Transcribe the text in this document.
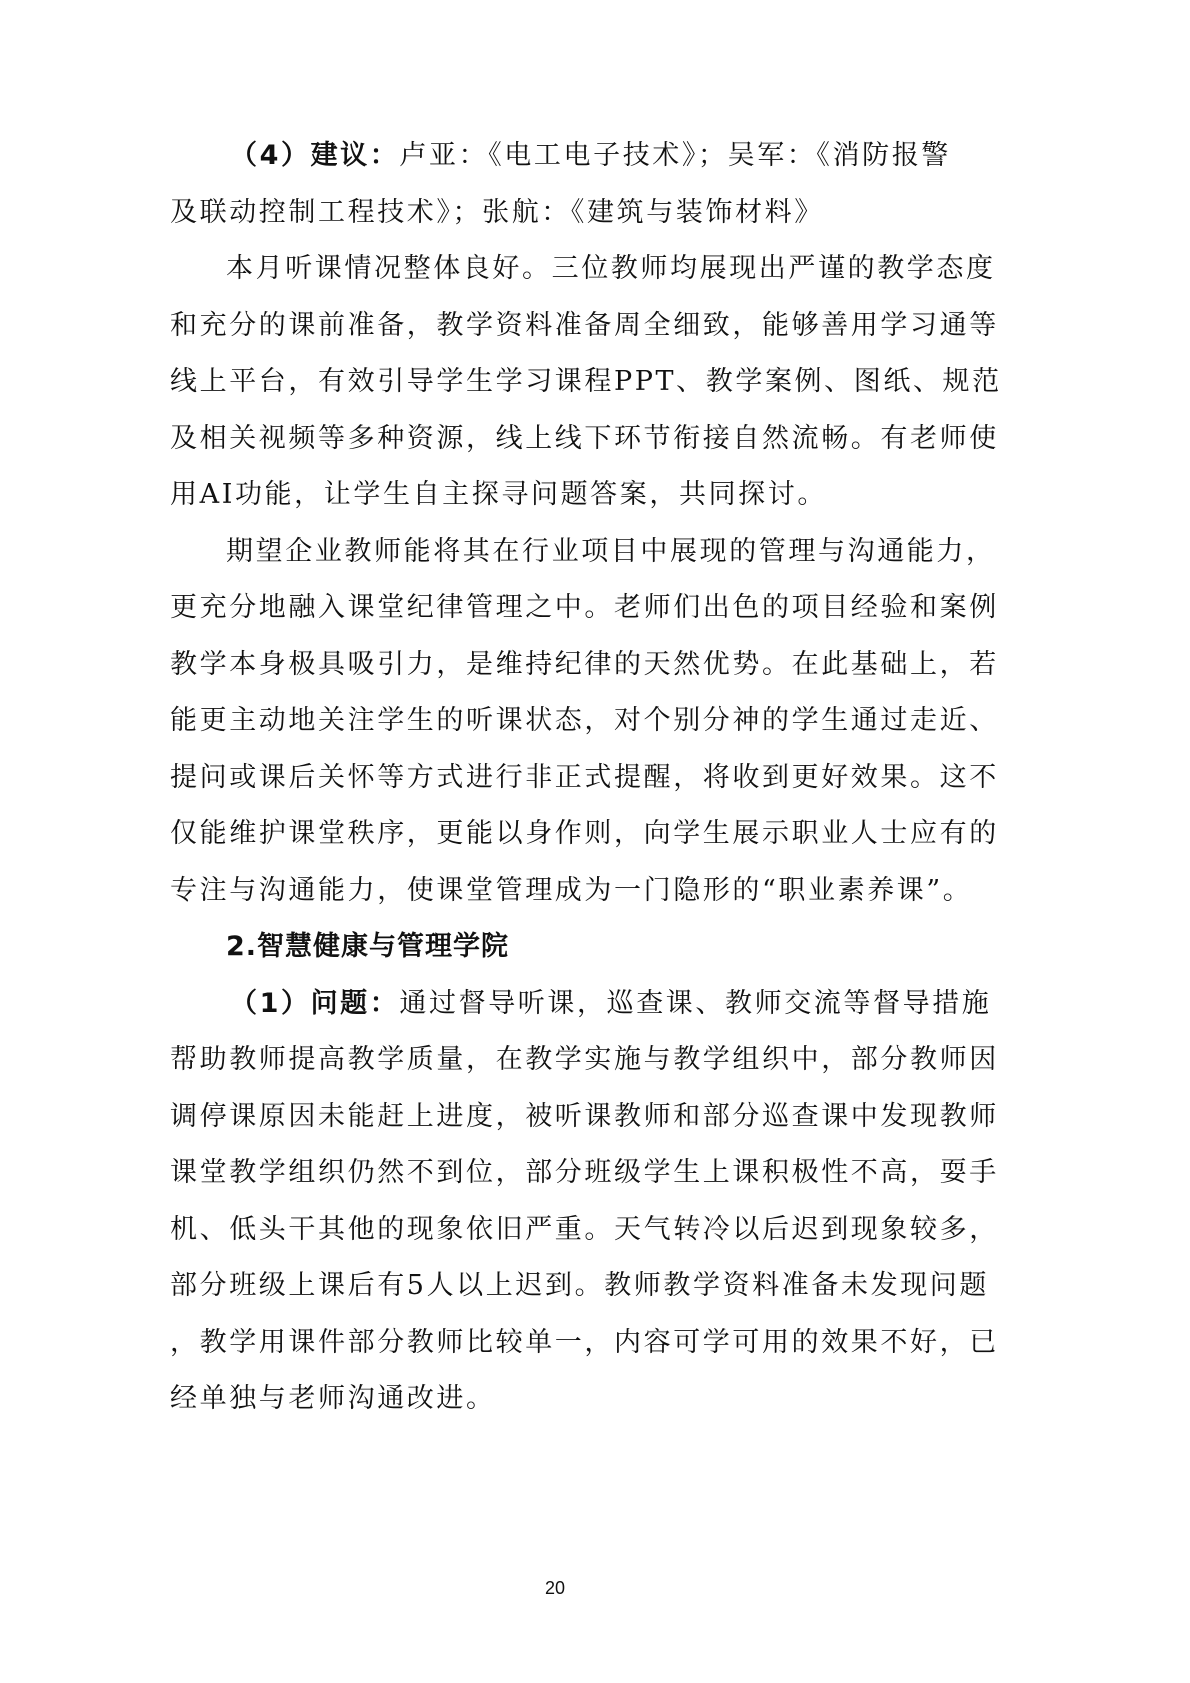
（4）建议：卢亚：《电工电子技术》；吴军：《消防报警
及联动控制工程技术》；张航：《建筑与装饰材料》
本月听课情况整体良好。三位教师均展现出严谨的教学态度
和充分的课前准备，教学资料准备周全细致，能够善用学习通等
线上平台，有效引导学生学习课程PPT、教学案例、图纸、规范
及相关视频等多种资源，线上线下环节衔接自然流畅。有老师使
用AI功能，让学生自主探寻问题答案，共同探讨。
期望企业教师能将其在行业项目中展现的管理与沟通能力，
更充分地融入课堂纪律管理之中。老师们出色的项目经验和案例
教学本身极具吸引力，是维持纪律的天然优势。在此基础上，若
能更主动地关注学生的听课状态，对个别分神的学生通过走近、
提问或课后关怀等方式进行非正式提醒，将收到更好效果。这不
仅能维护课堂秩序，更能以身作则，向学生展示职业人士应有的
专注与沟通能力，使课堂管理成为一门隐形的“职业素养课”。
2.智慧健康与管理学院
（1）问题：通过督导听课，巡查课、教师交流等督导措施
帮助教师提高教学质量，在教学实施与教学组织中，部分教师因
调停课原因未能赶上进度，被听课教师和部分巡查课中发现教师
课堂教学组织仍然不到位，部分班级学生上课积极性不高，耍手
机、低头干其他的现象依旧严重。天气转冷以后迟到现象较多，
部分班级上课后有5人以上迟到。教师教学资料准备未发现问题
，教学用课件部分教师比较单一，内容可学可用的效果不好，已
经单独与老师沟通改进。
20
